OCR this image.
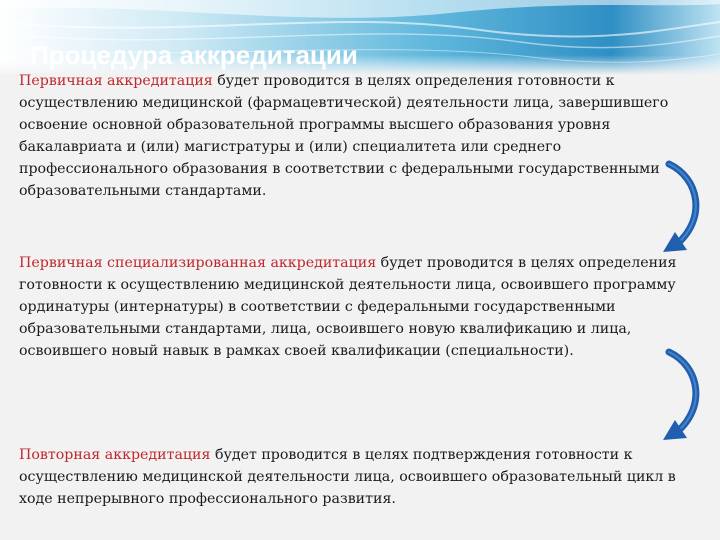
Процедура аккредитации

Первичная аккредитация будет проводится в целях определения готовности к осуществлению медицинской (фармацевтической) деятельности лица, завершившего освоение основной образовательной программы высшего образования уровня бакалавриата и (или) магистратуры и (или) специалитета или среднего профессионального образования в соответствии с федеральными государственными образовательными стандартами.

Первичная специализированная аккредитация будет проводится в целях определения готовности к осуществлению медицинской деятельности лица, освоившего программу ординатуры (интернатуры) в соответствии с федеральными государственными образовательными стандартами, лица, освоившего новую квалификацию и лица, освоившего новый навык в рамках своей квалификации (специальности).

Повторная аккредитация будет проводится в целях подтверждения готовности к осуществлению медицинской деятельности лица, освоившего образовательный цикл в ходе непрерывного профессионального развития.
